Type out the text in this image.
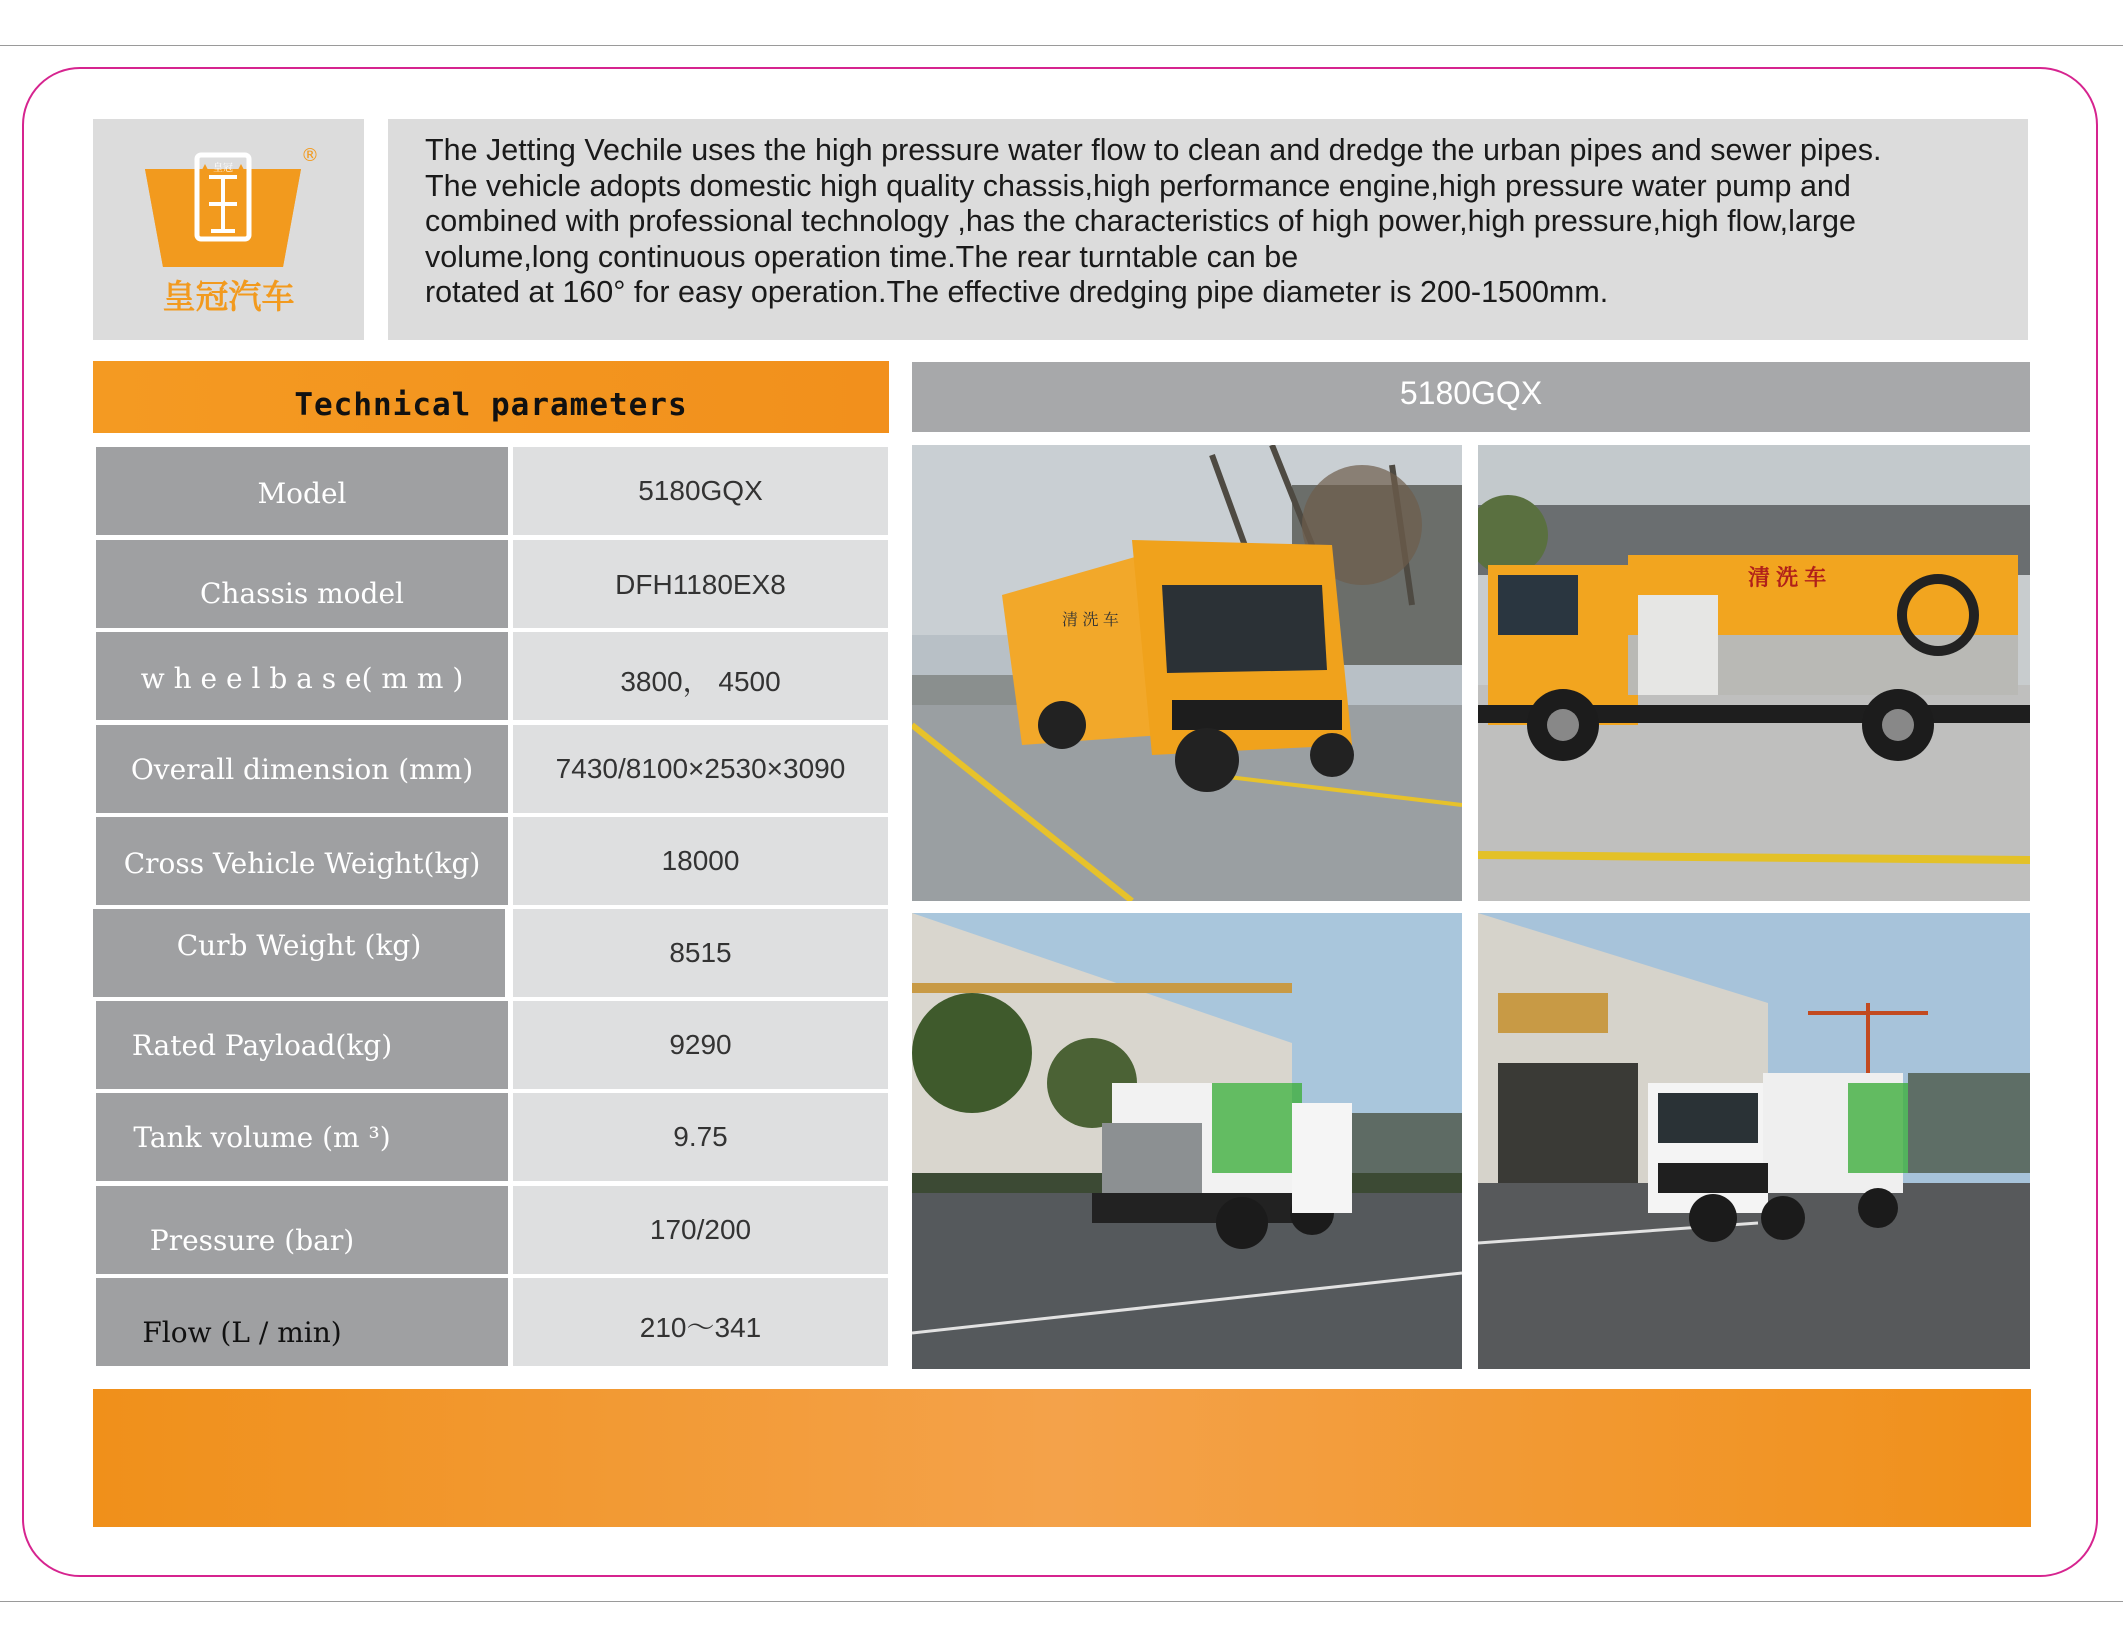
皇冠
®
HUANGGUAN
皇冠汽车
The Jetting Vechile uses the high pressure water flow to clean and dredge the urban pipes and sewer pipes.
The vehicle adopts domestic high quality chassis,high performance engine,high pressure water pump and
combined with professional technology ,has the characteristics of high power,high pressure,high flow,large
volume,long continuous operation time.The rear turntable can be
rotated at 160° for easy operation.The effective dredging pipe diameter is 200-1500mm.
Technical parameters	5180GQX
Model	5180GQX
Chassis model	DFH1180EX8
w h e e l b a s e( m m )	3800， 4500
Overall dimension (mm)	7430/8100×2530×3090
Cross Vehicle Weight(kg)	18000
Curb Weight (kg)	8515
Rated Payload(kg)	9290
Tank volume (m ³)	9.75
Pressure (bar)	170/200
Flow (L / min)	210～341
清 洗 车
清 洗 车
